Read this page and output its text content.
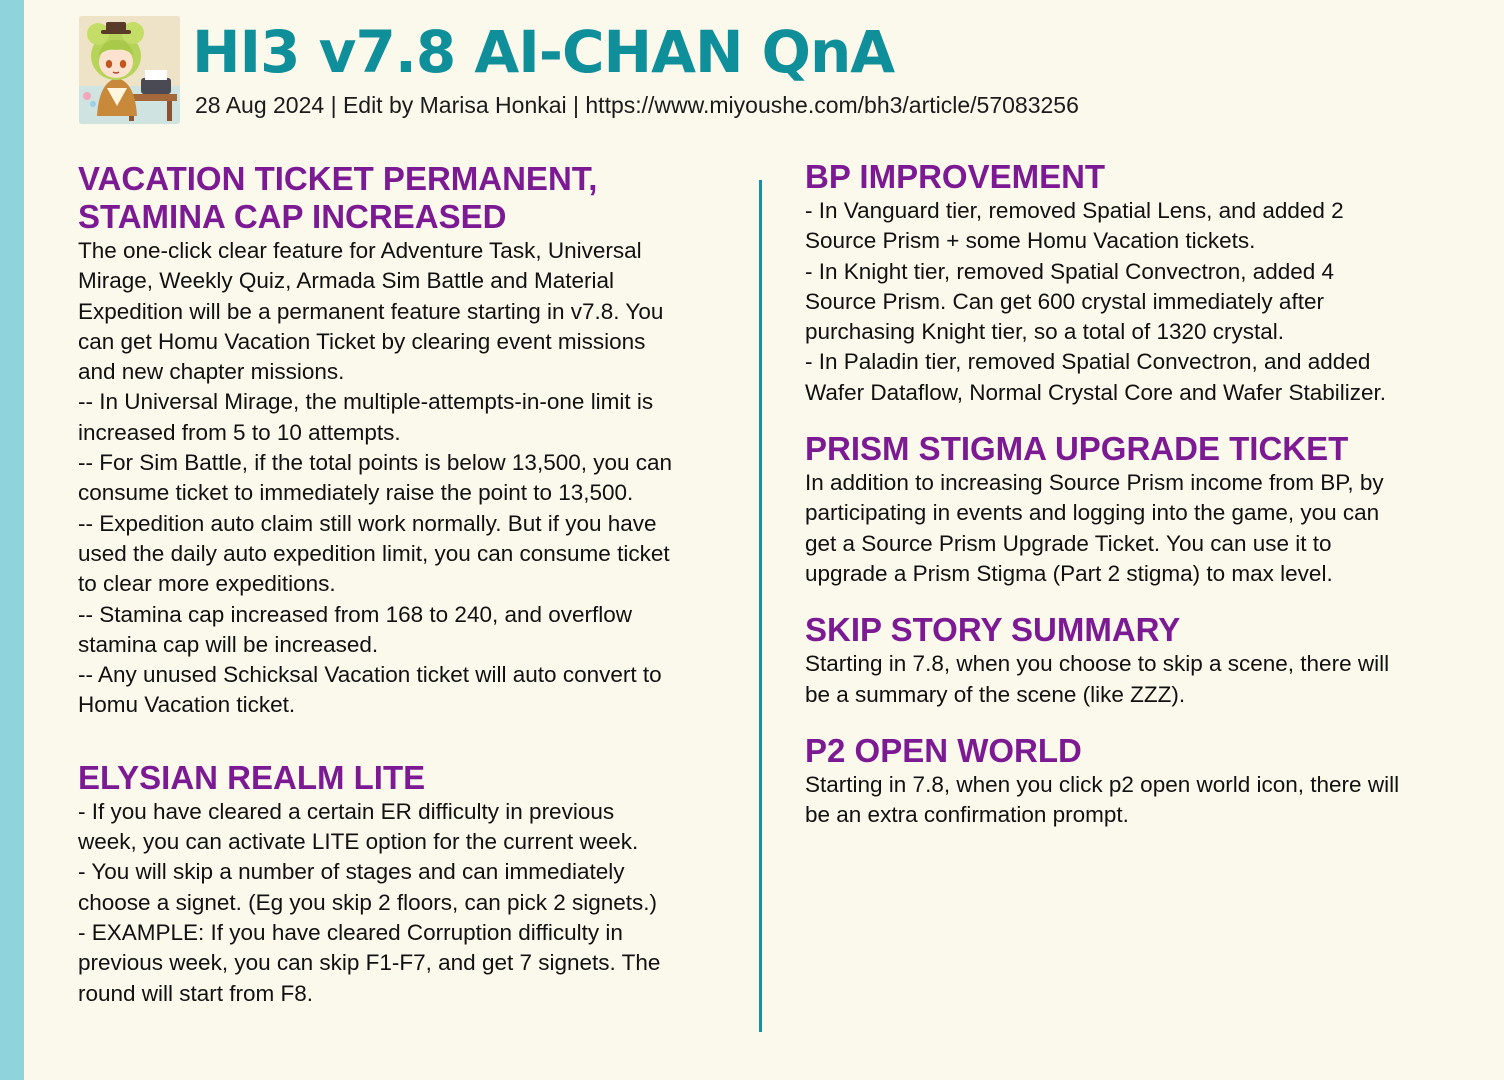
HI3 v7.8 AI-CHAN QnA
28 Aug 2024 | Edit by Marisa Honkai | https://www.miyoushe.com/bh3/article/57083256
VACATION TICKET PERMANENT,
STAMINA CAP INCREASED
The one-click clear feature for Adventure Task, Universal
Mirage, Weekly Quiz, Armada Sim Battle and Material
Expedition will be a permanent feature starting in v7.8. You
can get Homu Vacation Ticket by clearing event missions
and new chapter missions.
-- In Universal Mirage, the multiple-attempts-in-one limit is
increased from 5 to 10 attempts.
-- For Sim Battle, if the total points is below 13,500, you can
consume ticket to immediately raise the point to 13,500.
-- Expedition auto claim still work normally. But if you have
used the daily auto expedition limit, you can consume ticket
to clear more expeditions.
-- Stamina cap increased from 168 to 240, and overflow
stamina cap will be increased.
-- Any unused Schicksal Vacation ticket will auto convert to
Homu Vacation ticket.
ELYSIAN REALM LITE
- If you have cleared a certain ER difficulty in previous
week, you can activate LITE option for the current week.
- You will skip a number of stages and can immediately
choose a signet. (Eg you skip 2 floors, can pick 2 signets.)
- EXAMPLE: If you have cleared Corruption difficulty in
previous week, you can skip F1-F7, and get 7 signets. The
round will start from F8.
BP IMPROVEMENT
- In Vanguard tier, removed Spatial Lens, and added 2
Source Prism + some Homu Vacation tickets.
- In Knight tier, removed Spatial Convectron, added 4
Source Prism. Can get 600 crystal immediately after
purchasing Knight tier, so a total of 1320 crystal.
- In Paladin tier, removed Spatial Convectron, and added
Wafer Dataflow, Normal Crystal Core and Wafer Stabilizer.
PRISM STIGMA UPGRADE TICKET
In addition to increasing Source Prism income from BP, by
participating in events and logging into the game, you can
get a Source Prism Upgrade Ticket. You can use it to
upgrade a Prism Stigma (Part 2 stigma) to max level.
SKIP STORY SUMMARY
Starting in 7.8, when you choose to skip a scene, there will
be a summary of the scene (like ZZZ).
P2 OPEN WORLD
Starting in 7.8, when you click p2 open world icon, there will
be an extra confirmation prompt.
